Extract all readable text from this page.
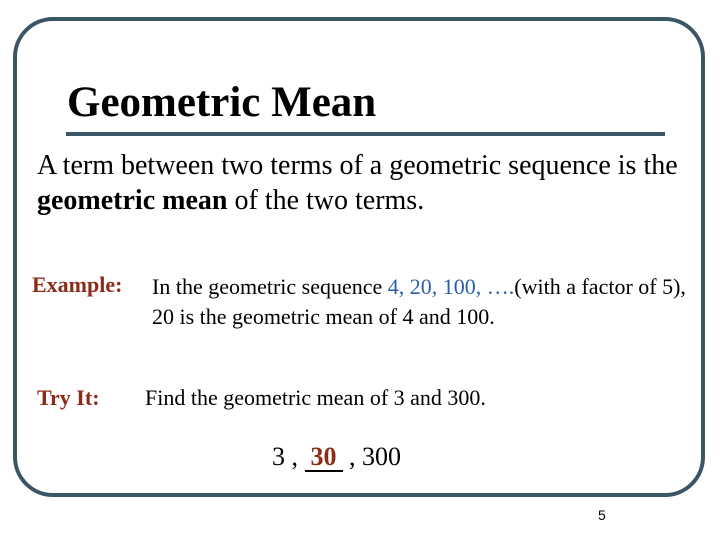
Geometric Mean
A term between two terms of a geometric sequence is the geometric mean of the two terms.
Example: In the geometric sequence 4, 20, 100, ….(with a factor of 5), 20 is the geometric mean of 4 and 100.
Try It: Find the geometric mean of 3 and 300.
3 , 30 , 300
5
